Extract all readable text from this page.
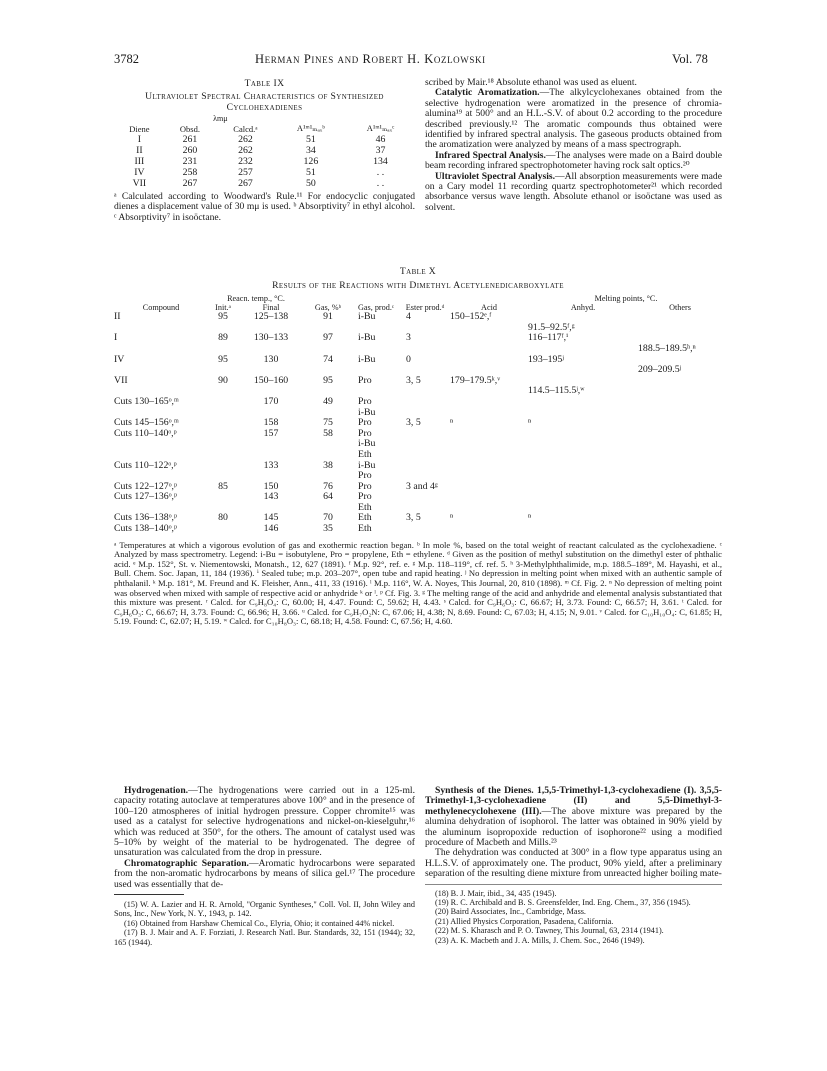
3782	Herman Pines and Robert H. Kozlowski	Vol. 78
Table IX
Ultraviolet Spectral Characteristics of Synthesized Cyclohexadienes
	λmμ			
Diene	Obsd.	Calcd.ᵃ	A¹ᵐ¹ₘₐₓᵇ	A¹ᵐ¹ₘₐₓᶜ
I	261	262	51	46
II	260	262	34	37
III	231	232	126	134
IV	258	257	51	. .
VII	267	267	50	. .
ᵃ Calculated according to Woodward's Rule.¹¹ For endocyclic conjugated dienes a displacement value of 30 mμ is used. ᵇ Absorptivity⁷ in ethyl alcohol. ᶜ Absorptivity⁷ in isoöctane.

scribed by Mair.¹⁸ Absolute ethanol was used as eluent.

Catalytic Aromatization.—The alkylcyclohexanes obtained from the selective hydrogenation were aromatized in the presence of chromia-alumina¹⁹ at 500° and an H.L.-S.V. of about 0.2 according to the procedure described previously.¹² The aromatic compounds thus obtained were identified by infrared spectral analysis. The gaseous products obtained from the aromatization were analyzed by means of a mass spectrograph.

Infrared Spectral Analysis.—The analyses were made on a Baird double beam recording infrared spectrophotometer having rock salt optics.²⁰

Ultraviolet Spectral Analysis.—All absorption measurements were made on a Cary model 11 recording quartz spectrophotometer²¹ which recorded absorbance versus wave length. Absolute ethanol or isoöctane was used as solvent.

Table X
Results of the Reactions with Dimethyl Acetylenedicarboxylate
	Reacn. temp., °C.					Melting points, °C.		
Compound	Init.ᵃ	Final	Gas, %ᵇ	Gas, prod.ᶜ	Ester prod.ᵈ	Acid	Anhyd.	Others
II	95	125–138	91	i-Bu	4	150–152ᵉ,ᶠ		
							91.5–92.5ᶠ,ᵍ	
I	89	130–133	97	i-Bu	3		116–117ᶠ,ⁱ	
								188.5–189.5ʰ,ⁿ
IV	95	130	74	i-Bu	0		193–195ʲ	
								209–209.5ʲ
VII	90	150–160	95	Pro	3, 5	179–179.5ᵏ,ᵛ		
							114.5–115.5ʲ,ʷ	
Cuts 130–165ᵒ,ᵐ		170	49	Pro				
				i-Bu				
Cuts 145–156ᵒ,ᵐ		158	75	Pro	3, 5	ⁿ	ⁿ	
Cuts 110–140ᵒ,ᵖ		157	58	Pro				
				i-Bu				
				Eth				
Cuts 110–122ᵒ,ᵖ		133	38	i-Bu				
				Pro				
Cuts 122–127ᵒ,ᵖ	85	150	76	Pro	3 and 4ᵍ			
Cuts 127–136ᵒ,ᵖ		143	64	Pro				
				Eth				
Cuts 136–138ᵒ,ᵖ	80	145	70	Eth	3, 5	ⁿ	ⁿ	
Cuts 138–140ᵒ,ᵖ		146	35	Eth				
ᵃ Temperatures at which a vigorous evolution of gas and exothermic reaction began. ᵇ In mole %, based on the total weight of reactant calculated as the cyclohexadiene. ᶜ Analyzed by mass spectrometry. Legend: i-Bu = isobutylene, Pro = propylene, Eth = ethylene. ᵈ Given as the position of methyl substitution on the dimethyl ester of phthalic acid. ᵉ M.p. 152°, St. v. Niementowski, Monatsh., 12, 627 (1891). ᶠ M.p. 92°, ref. e. ᵍ M.p. 118–119°, cf. ref. 5. ʰ 3-Methylphthalimide, m.p. 188.5–189°, M. Hayashi, et al., Bull. Chem. Soc. Japan, 11, 184 (1936). ⁱ Sealed tube; m.p. 203–207°, open tube and rapid heating. ʲ No depression in melting point when mixed with an authentic sample of phthalanil. ᵏ M.p. 181°, M. Freund and K. Fleisher, Ann., 411, 33 (1916). ˡ M.p. 116°, W. A. Noyes, This Journal, 20, 810 (1898). ᵐ Cf. Fig. 2. ⁿ No depression of melting point was observed when mixed with sample of respective acid or anhydride ᵏ or ˡ. ᵖ Cf. Fig. 3. ᵍ The melting range of the acid and anhydride and elemental analysis substantiated that this mixture was present. ʳ Calcd. for C₉H₈O₄: C, 60.00; H, 4.47. Found: C, 59.62; H, 4.43. ˢ Calcd. for C₉H₆O₃: C, 66.67; H, 3.73. Found: C, 66.57; H, 3.61. ᵗ Calcd. for C₉H₆O₃: C, 66.67; H, 3.73. Found: C, 66.96; H, 3.66. ᵘ Calcd. for C₉H₇O₂N: C, 67.06; H, 4.38; N, 8.69. Found: C, 67.03; H, 4.15; N, 9.01. ᵛ Calcd. for C₁₀H₁₀O₄: C, 61.85; H, 5.19. Found: C, 62.07; H, 5.19. ʷ Calcd. for C₁₀H₈O₃: C, 68.18; H, 4.58. Found: C, 67.56; H, 4.60.

Hydrogenation.—The hydrogenations were carried out in a 125-ml. capacity rotating autoclave at temperatures above 100° and in the presence of 100–120 atmospheres of initial hydrogen pressure. Copper chromite¹⁵ was used as a catalyst for selective hydrogenations and nickel-on-kieselguhr,¹⁶ which was reduced at 350°, for the others. The amount of catalyst used was 5–10% by weight of the material to be hydrogenated. The degree of unsaturation was calculated from the drop in pressure.

Chromatographic Separation.—Aromatic hydrocarbons were separated from the non-aromatic hydrocarbons by means of silica gel.¹⁷ The procedure used was essentially that de-

(15) W. A. Lazier and H. R. Arnold, "Organic Syntheses," Coll. Vol. II, John Wiley and Sons, Inc., New York, N. Y., 1943, p. 142.

(16) Obtained from Harshaw Chemical Co., Elyria, Ohio; it contained 44% nickel.

(17) B. J. Mair and A. F. Forziati, J. Research Natl. Bur. Standards, 32, 151 (1944); 32, 165 (1944).

Synthesis of the Dienes. 1,5,5-Trimethyl-1,3-cyclohexadiene (I). 3,5,5-Trimethyl-1,3-cyclohexadiene (II) and 5,5-Dimethyl-3-methylenecyclohexene (III).—The above mixture was prepared by the alumina dehydration of isophorol. The latter was obtained in 90% yield by the aluminum isopropoxide reduction of isophorone²² using a modified procedure of Macbeth and Mills.²³

The dehydration was conducted at 300° in a flow type apparatus using an H.L.S.V. of approximately one. The product, 90% yield, after a preliminary separation of the resulting diene mixture from unreacted higher boiling mate-

(18) B. J. Mair, ibid., 34, 435 (1945).

(19) R. C. Archibald and B. S. Greensfelder, Ind. Eng. Chem., 37, 356 (1945).

(20) Baird Associates, Inc., Cambridge, Mass.

(21) Allied Physics Corporation, Pasadena, California.

(22) M. S. Kharasch and P. O. Tawney, This Journal, 63, 2314 (1941).

(23) A. K. Macbeth and J. A. Mills, J. Chem. Soc., 2646 (1949).
